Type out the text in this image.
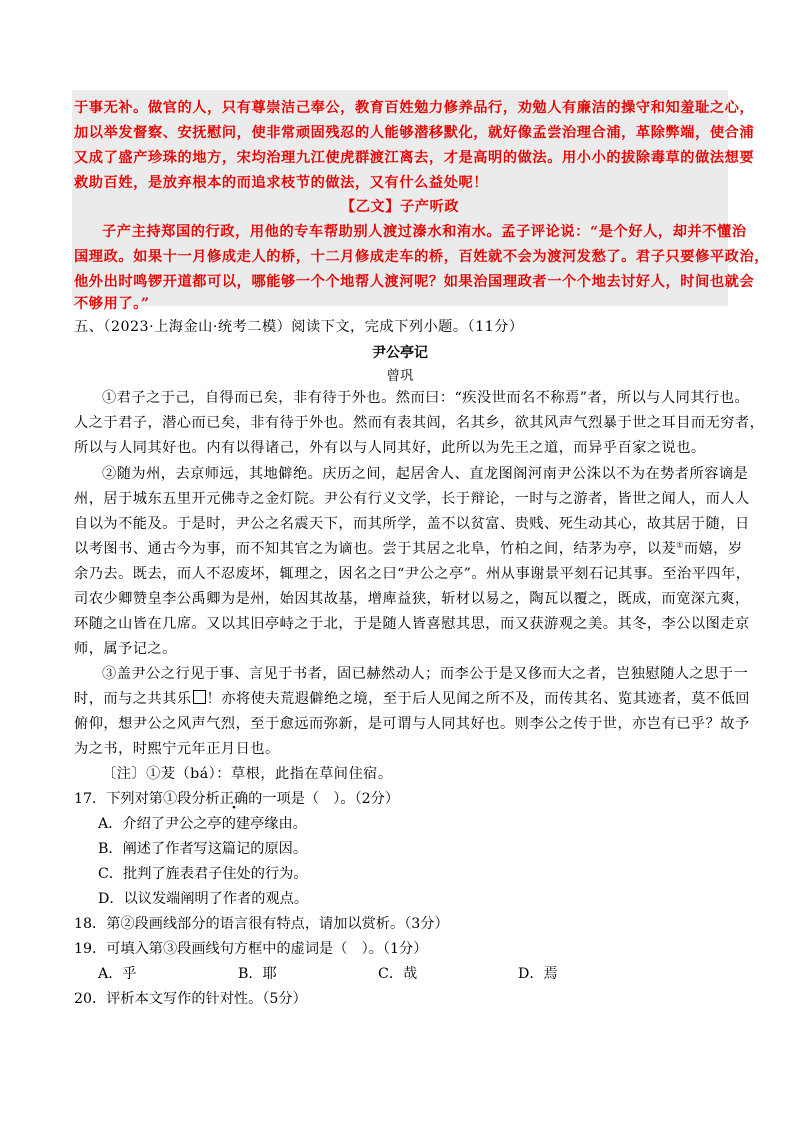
于事无补。做官的人，只有尊崇洁己奉公，教育百姓勉力修养品行，劝勉人有廉洁的操守和知羞耻之心，
加以举发督察、安抚慰问，使非常顽固残忍的人能够潜移默化，就好像孟尝治理合浦，革除弊端，使合浦
又成了盛产珍珠的地方，宋均治理九江使虎群渡江离去，才是高明的做法。用小小的拔除毒草的做法想要
救助百姓，是放弃根本的而追求枝节的做法，又有什么益处呢！
【乙文】子产听政
子产主持郑国的行政，用他的专车帮助别人渡过溱水和洧水。孟子评论说：“是个好人，却并不懂治
国理政。如果十一月修成走人的桥，十二月修成走车的桥，百姓就不会为渡河发愁了。君子只要修平政治，
他外出时鸣锣开道都可以，哪能够一个个地帮人渡河呢？如果治国理政者一个个地去讨好人，时间也就会
不够用了。”
五、（2023·上海金山·统考二模）阅读下文，完成下列小题。（11分）
尹公亭记
曾巩
①君子之于己，自得而已矣，非有待于外也。然而曰：“疾没世而名不称焉”者，所以与人同其行也。
人之于君子，潜心而已矣，非有待于外也。然而有表其闾，名其乡，欲其风声气烈暴于世之耳目而无穷者，
所以与人同其好也。内有以得诸己，外有以与人同其好，此所以为先王之道，而异乎百家之说也。
②随为州，去京师远，其地僻绝。庆历之间，起居舍人、直龙图阁河南尹公洙以不为在势者所容谪是
州，居于城东五里开元佛寺之金灯院。尹公有行义文学，长于辩论，一时与之游者，皆世之闻人，而人人
自以为不能及。于是时，尹公之名震天下，而其所学，盖不以贫富、贵贱、死生动其心，故其居于随，日
以考图书、通古今为事，而不知其官之为谪也。尝于其居之北阜，竹柏之间，结茅为亭，以茇①而嬉，岁
余乃去。既去，而人不忍废坏，辄理之，因名之曰“尹公之亭”。州从事谢景平刻石记其事。至治平四年，
司农少卿赞皇李公禹卿为是州，始因其故基，增庳益狭，斩材以易之，陶瓦以覆之，既成，而宽深亢爽，
环随之山皆在几席。又以其旧亭峙之于北，于是随人皆喜慰其思，而又获游观之美。其冬，李公以图走京
师，属予记之。
③盖尹公之行见于事、言见于书者，固已赫然动人；而李公于是又侈而大之者，岂独慰随人之思于一
时，而与之共其乐 ！亦将使夫荒遐僻绝之境，至于后人见闻之所不及，而传其名、览其迹者，莫不低回
俯仰，想尹公之风声气烈，至于愈远而弥新，是可谓与人同其好也。则李公之传于世，亦岂有已乎？故予
为之书，时熙宁元年正月日也。
〔注〕①茇（bá）：草根，此指在草间住宿。
17．下列对第①段分析正确的一项是（　）。（2分）
A．介绍了尹公之亭的建亭缘由。
B．阐述了作者写这篇记的原因。
C．批判了旌表君子住处的行为。
D．以议发端阐明了作者的观点。
18．第②段画线部分的语言很有特点，请加以赏析。（3分）
19．可填入第③段画线句方框中的虚词是（　）。（1分）
A．乎	B．耶	C．哉	D．焉
20．评析本文写作的针对性。（5分）
